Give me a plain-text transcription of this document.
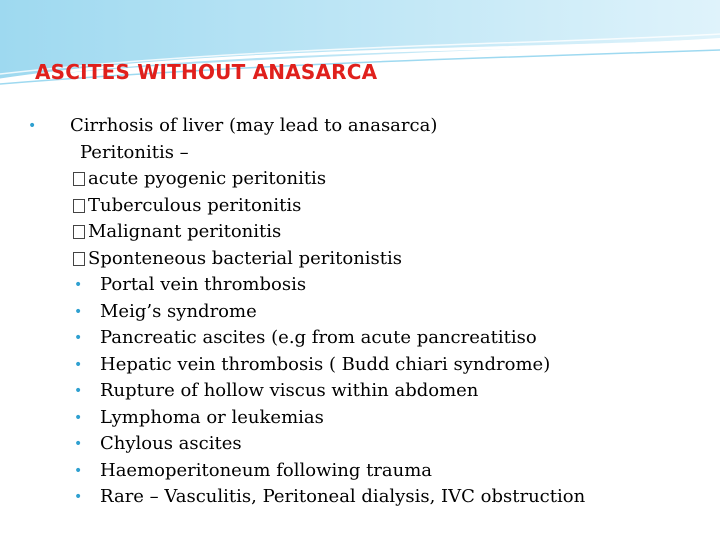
ASCITES WITHOUT ANASARCA
• Cirrhosis of liver (may lead to anasarca)
Peritonitis –
acute pyogenic peritonitis
Tuberculous peritonitis
Malignant peritonitis
Sponteneous bacterial peritonistis
• Portal vein thrombosis
• Meig’s syndrome
• Pancreatic ascites (e.g from acute pancreatitiso
• Hepatic vein thrombosis ( Budd chiari syndrome)
• Rupture of hollow viscus within abdomen
• Lymphoma or leukemias
• Chylous ascites
• Haemoperitoneum following trauma
• Rare – Vasculitis, Peritoneal dialysis, IVC obstruction
